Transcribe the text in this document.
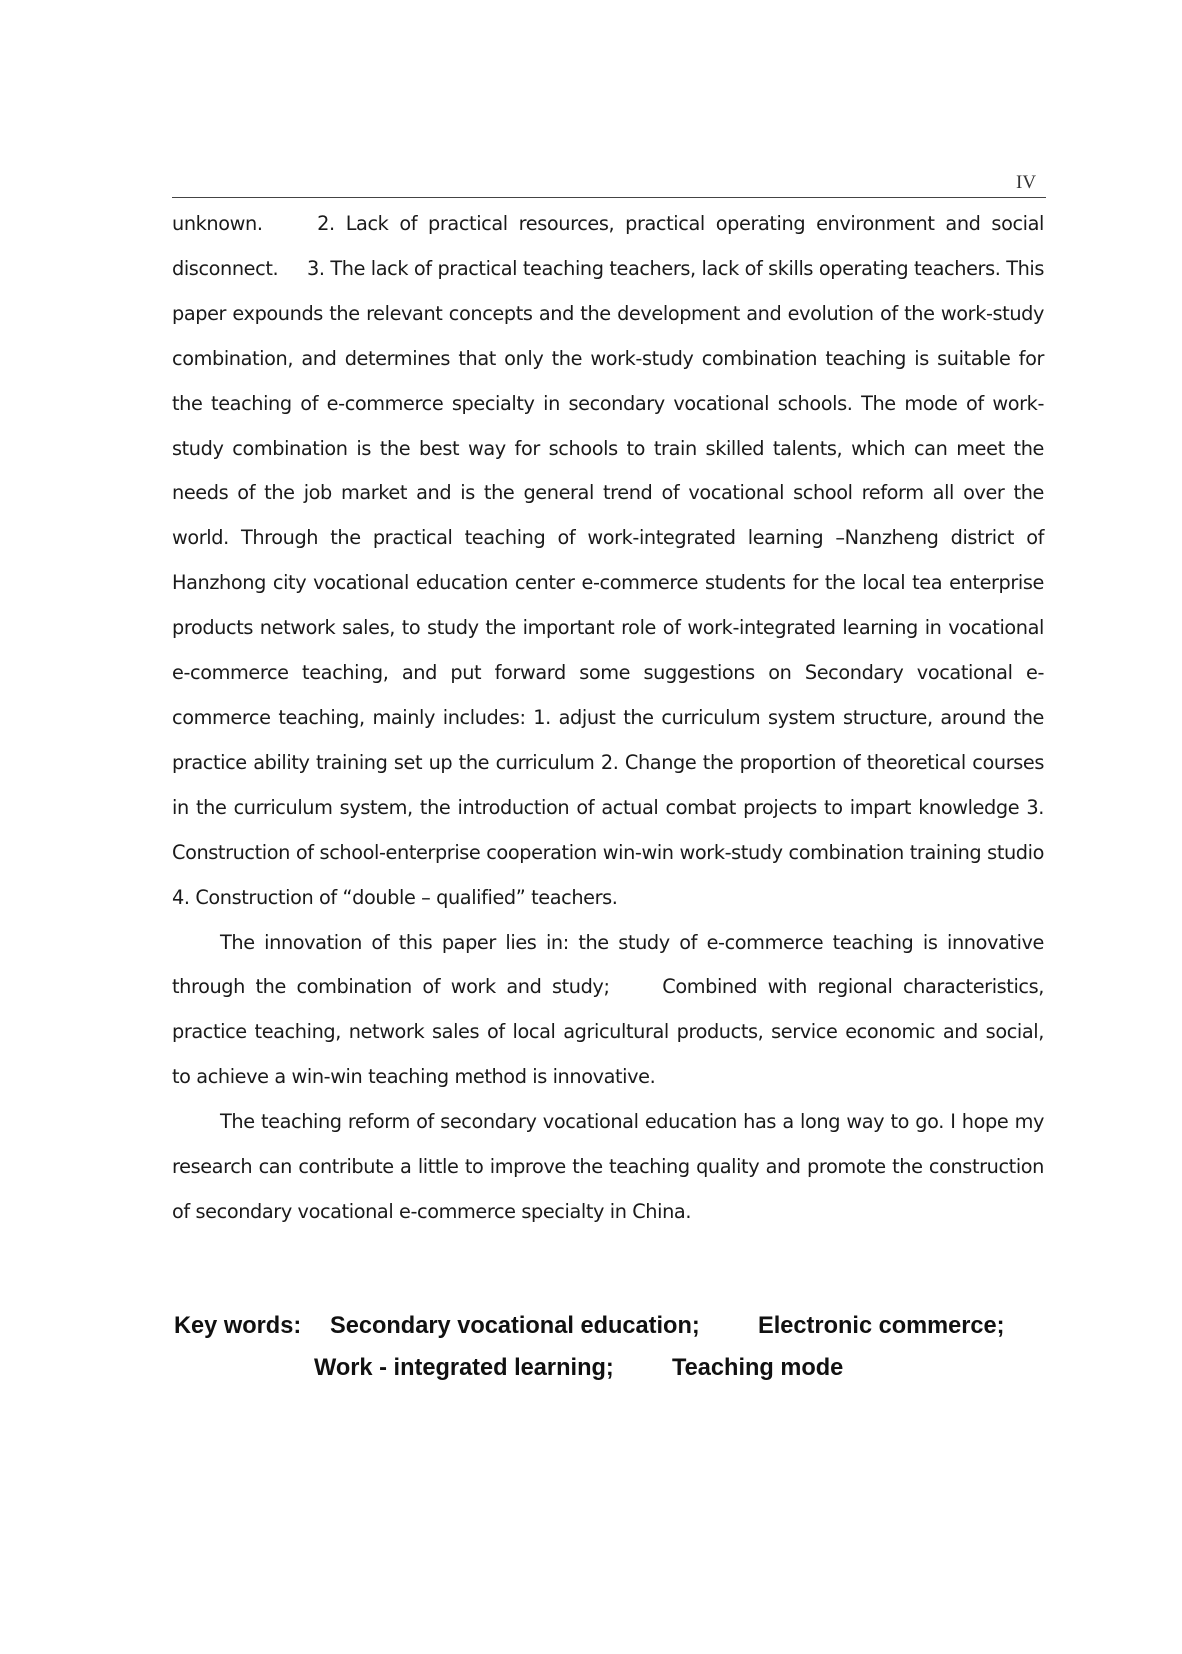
IV

unknown.     2. Lack of practical resources, practical operating environment and social disconnect.     3. The lack of practical teaching teachers, lack of skills operating teachers. This paper expounds the relevant concepts and the development and evolution of the work-study combination, and determines that only the work-study combination teaching is suitable for the teaching of e-commerce specialty in secondary vocational schools. The mode of work-study combination is the best way for schools to train skilled talents, which can meet the needs of the job market and is the general trend of vocational school reform all over the world. Through the practical teaching of work-integrated learning –Nanzheng district of Hanzhong city vocational education center e-commerce students for the local tea enterprise products network sales, to study the important role of work-integrated learning in vocational e-commerce teaching, and put forward some suggestions on Secondary vocational e-commerce teaching, mainly includes: 1. adjust the curriculum system structure, around the practice ability training set up the curriculum 2. Change the proportion of theoretical courses in the curriculum system, the introduction of actual combat projects to impart knowledge 3. Construction of school-enterprise cooperation win-win work-study combination training studio 4. Construction of “double – qualified” teachers.

The innovation of this paper lies in: the study of e-commerce teaching is innovative through the combination of work and study;     Combined with regional characteristics, practice teaching, network sales of local agricultural products, service economic and social, to achieve a win-win teaching method is innovative.

The teaching reform of secondary vocational education has a long way to go. I hope my research can contribute a little to improve the teaching quality and promote the construction of secondary vocational e-commerce specialty in China.

Key words: Secondary vocational education; Electronic commerce;
Work - integrated learning; Teaching mode
